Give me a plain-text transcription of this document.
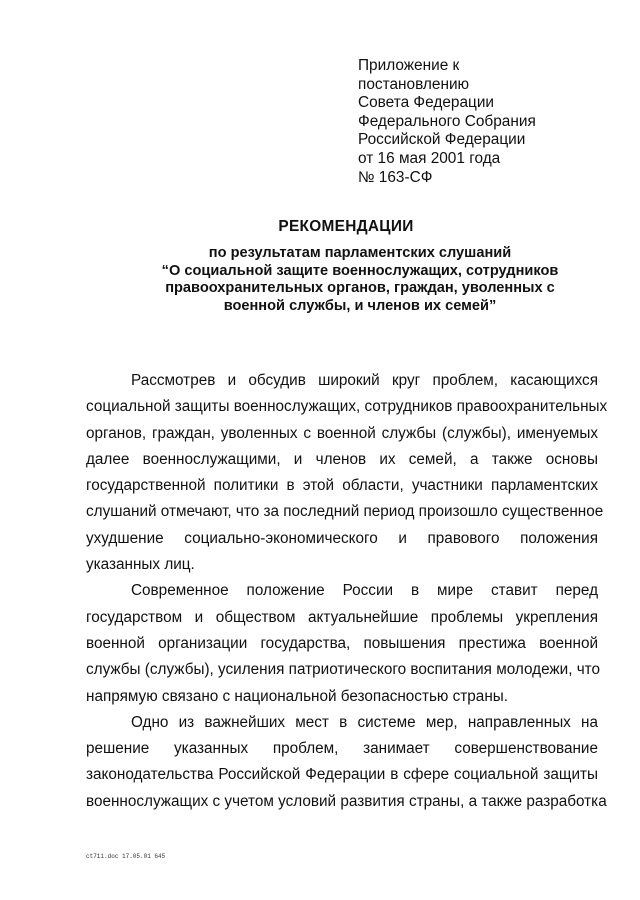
Приложение к
постановлению
Совета Федерации
Федерального Собрания
Российской Федерации
от 16 мая 2001 года
№ 163-СФ
РЕКОМЕНДАЦИИ
по результатам парламентских слушаний
“О социальной защите военнослужащих, сотрудников
правоохранительных органов, граждан, уволенных с
военной службы, и членов их семей”
Рассмотрев и обсудив широкий круг проблем, касающихся
социальной защиты военнослужащих, сотрудников правоохранительных
органов, граждан, уволенных с военной службы (службы), именуемых
далее военнослужащими, и членов их семей, а также основы
государственной политики в этой области, участники парламентских
слушаний отмечают, что за последний период произошло существенное
ухудшение социально-экономического и правового положения
указанных лиц.
Современное положение России в мире ставит перед
государством и обществом актуальнейшие проблемы укрепления
военной организации государства, повышения престижа военной
службы (службы), усиления патриотического воспитания молодежи, что
напрямую связано с национальной безопасностью страны.
Одно из важнейших мест в системе мер, направленных на
решение указанных проблем, занимает совершенствование
законодательства Российской Федерации в сфере социальной защиты
военнослужащих с учетом условий развития страны, а также разработка
ct711.doc 17.05.01 645
